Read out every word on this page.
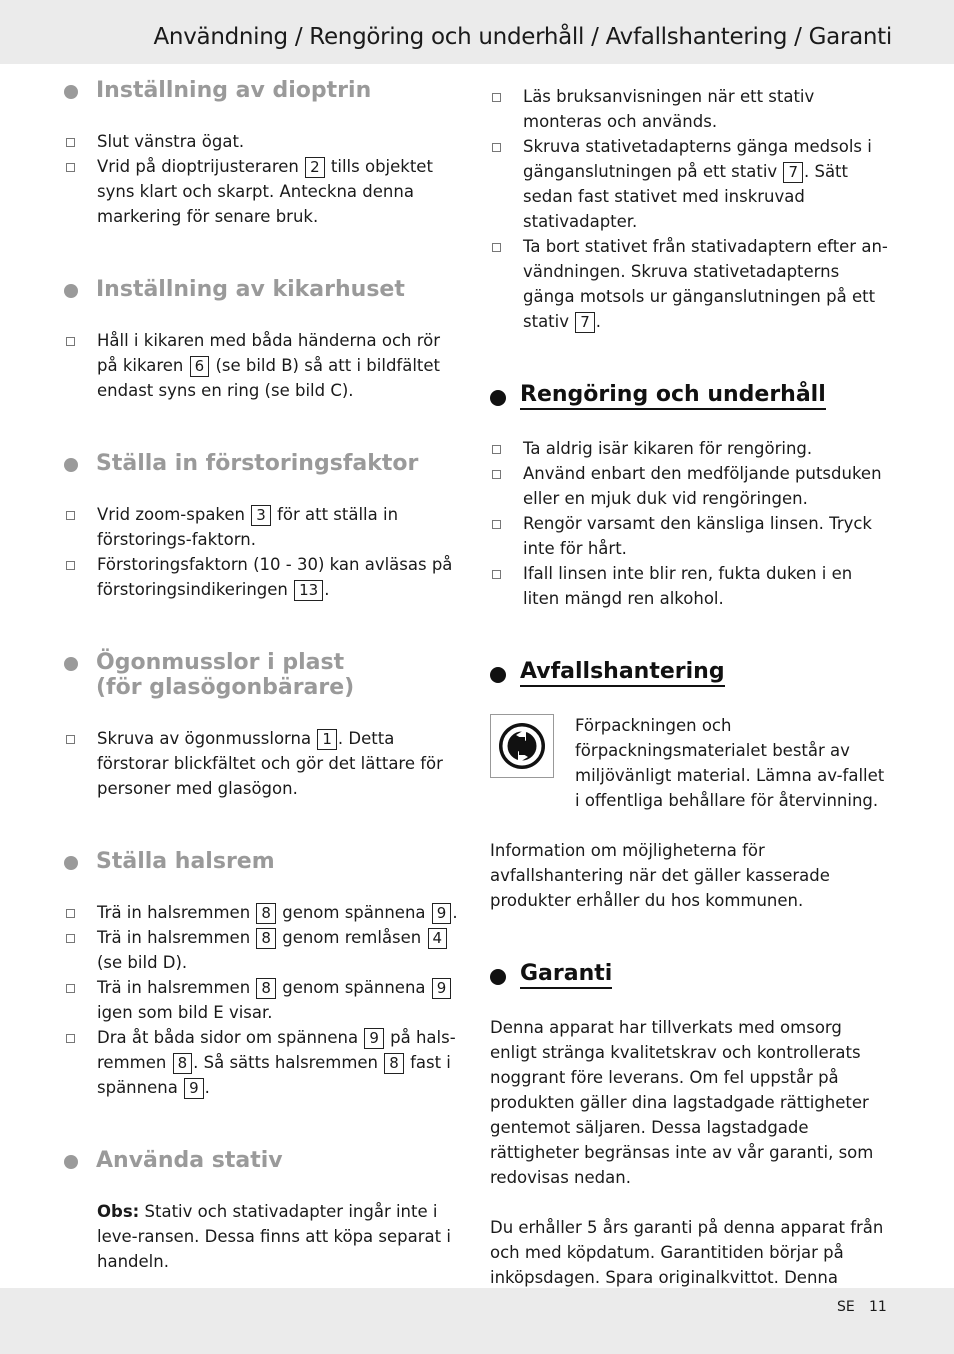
Användning / Rengöring och underhåll / Avfallshantering / Garanti
Inställning av dioptrin
Slut vänstra ögat.
Vrid på dioptrijusteraren 2 tills objektet syns klart och skarpt. Anteckna denna markering för senare bruk.
Inställning av kikarhuset
Håll i kikaren med båda händerna och rör på kikaren 6 (se bild B) så att i bildfältet endast syns en ring (se bild C).
Ställa in förstoringsfaktor
Vrid zoom-spaken 3 för att ställa in förstorings-faktorn.
Förstoringsfaktorn (10 - 30) kan avläsas på förstoringsindikeringen 13 .
Ögonmusslor i plast
(för glasögonbärare)
Skruva av ögonmusslorna 1 . Detta förstorar blickfältet och gör det lättare för personer med glasögon.
Ställa halsrem
Trä in halsremmen 8 genom spännena 9 .
Trä in halsremmen 8 genom remlåsen 4
(se bild D).
Trä in halsremmen 8 genom spännena 9
igen som bild E visar.
Dra åt båda sidor om spännena 9 på hals-remmen 8 . Så sätts halsremmen 8 fast i spännena 9 .
Använda stativ

Obs: Stativ och stativadapter ingår inte i leve-ransen. Dessa finns att köpa separat i handeln.

Läs bruksanvisningen när ett stativ monteras och används.
Skruva stativetadapterns gänga medsols i gänganslutningen på ett stativ 7 . Sätt sedan fast stativet med inskruvad stativadapter.
Ta bort stativet från stativadaptern efter an-vändningen. Skruva stativetadapterns gänga motsols ur gänganslutningen på ett stativ 7 .
Rengöring och underhåll
Ta aldrig isär kikaren för rengöring.
Använd enbart den medföljande putsduken eller en mjuk duk vid rengöringen.
Rengör varsamt den känsliga linsen. Tryck inte för hårt.
Ifall linsen inte blir ren, fukta duken i en liten mängd ren alkohol.
Avfallshantering
Förpackningen och förpackningsmaterialet består av miljövänligt material. Lämna av-fallet i offentliga behållare för återvinning.

Information om möjligheterna för avfallshantering när det gäller kasserade produkter erhåller du hos kommunen.

Garanti

Denna apparat har tillverkats med omsorg enligt stränga kvalitetskrav och kontrollerats noggrant före leverans. Om fel uppstår på produkten gäller dina lagstadgade rättigheter gentemot säljaren. Dessa lagstadgade rättigheter begränsas inte av vår garanti, som redovisas nedan.

Du erhåller 5 års garanti på denna apparat från och med köpdatum. Garantitiden börjar på inköpsdagen. Spara originalkvittot. Denna

SE 11
